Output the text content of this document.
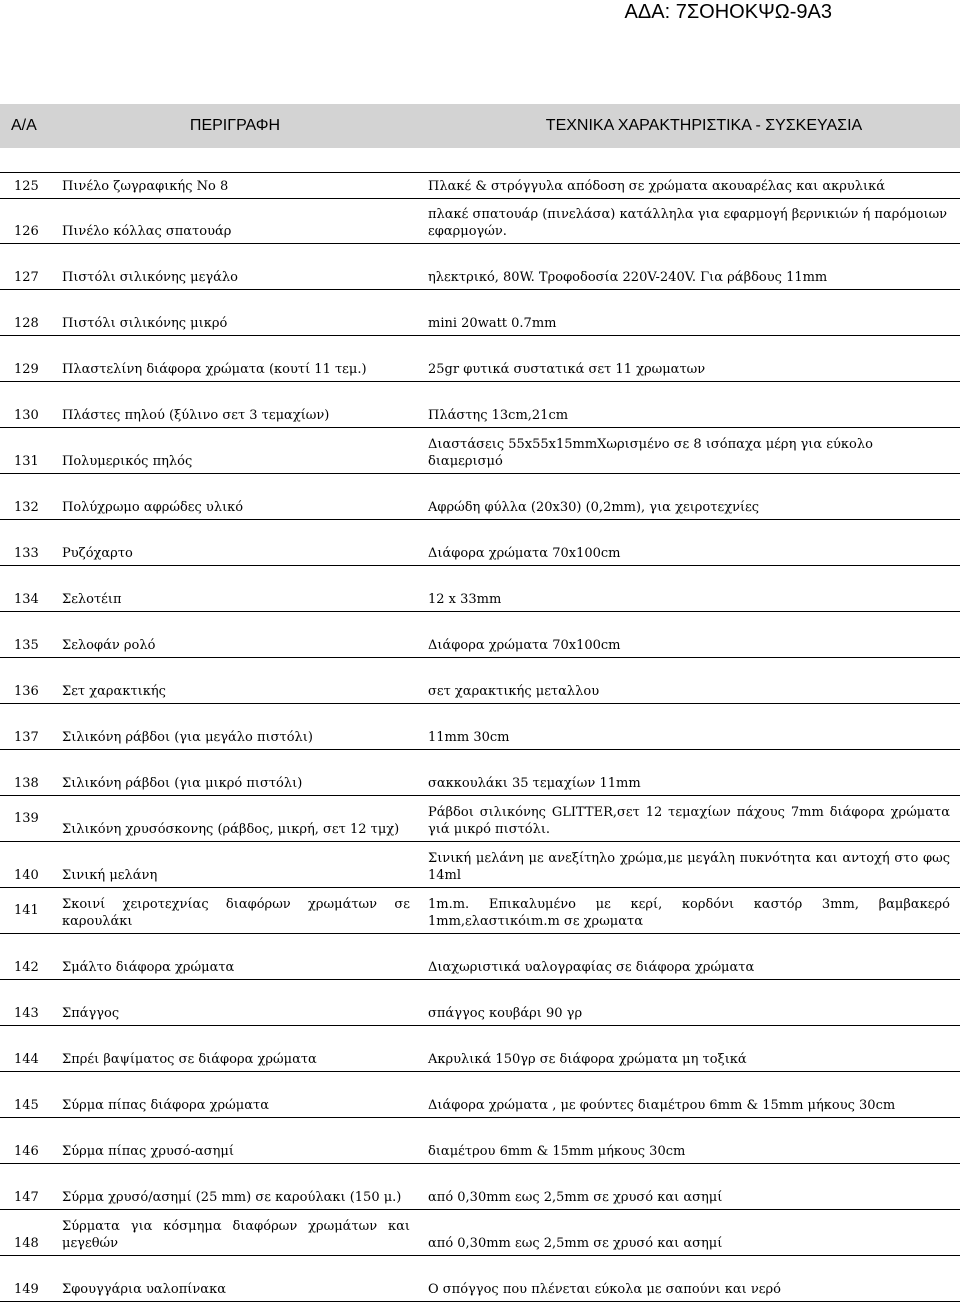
ΑΔΑ: 7ΣΟΗΟΚΨΩ-9Α3
Α/Α	ΠΕΡΙΓΡΑΦΗ	ΤΕΧΝΙΚΑ ΧΑΡΑΚΤΗΡΙΣΤΙΚΑ - ΣΥΣΚΕΥΑΣΙΑ

125	Πινέλο ζωγραφικής Νο 8	Πλακέ & στρόγγυλα απόδοση σε χρώματα ακουαρέλας και ακρυλικά
126	Πινέλο κόλλας σπατουάρ	πλακέ σπατουάρ (πινελάσα) κατάλληλα για εφαρμογή βερνικιών ή παρόμοιων εφαρμογών.
127	Πιστόλι σιλικόνης μεγάλο	ηλεκτρικό, 80W. Τροφοδοσία 220V-240V. Για ράβδους 11mm
128	Πιστόλι σιλικόνης μικρό	mini 20watt 0.7mm
129	Πλαστελίνη διάφορα χρώματα (κουτί 11 τεμ.)	25gr φυτικά συστατικά σετ 11 χρωματων
130	Πλάστες πηλού (ξύλινο σετ 3 τεμαχίων)	Πλάστης 13cm,21cm
131	Πολυμερικός πηλός	Διαστάσεις 55x55x15mmΧωρισμένο σε 8 ισόπαχα μέρη για εύκολο διαμερισμό
132	Πολύχρωμο αφρώδες υλικό	Αφρώδη φύλλα (20x30) (0,2mm), για χειροτεχνίες
133	Ρυζόχαρτο	Διάφορα χρώματα 70x100cm
134	Σελοτέιπ	12 x 33mm
135	Σελοφάν ρολό	Διάφορα χρώματα 70x100cm
136	Σετ χαρακτικής	σετ χαρακτικής μεταλλου
137	Σιλικόνη ράβδοι (για μεγάλο πιστόλι)	11mm 30cm
138	Σιλικόνη ράβδοι (για μικρό πιστόλι)	σακκουλάκι 35 τεμαχίων 11mm
139	Σιλικόνη χρυσόσκονης (ράβδος, μικρή, σετ 12 τμχ)	Ράβδοι σιλικόνης GLITTER,σετ 12 τεμαχίων πάχους 7mm διάφορα χρώματα γιά μικρό πιστόλι.
140	Σινική μελάνη	Σινική μελάνη με ανεξίτηλο χρώμα,με μεγάλη πυκνότητα και αντοχή στο φως 14ml
141	Σκοινί χειροτεχνίας διαφόρων χρωμάτων σε καρουλάκι	1m.m. Επικαλυμένο με κερί, κορδόνι καστόρ 3mm, βαμβακερό 1mm,ελαστικόιm.m σε χρωματα
142	Σμάλτο διάφορα χρώματα	Διαχωριστικά υαλογραφίας σε διάφορα χρώματα
143	Σπάγγος	σπάγγος κουβάρι 90 γρ
144	Σπρέι βαψίματος σε διάφορα χρώματα	Ακρυλικά 150γρ σε διάφορα χρώματα μη τοξικά
145	Σύρμα πίπας διάφορα χρώματα	Διάφορα χρώματα , με φούντες διαμέτρου 6mm & 15mm μήκους 30cm
146	Σύρμα πίπας χρυσό-ασημί	διαμέτρου 6mm & 15mm μήκους 30cm
147	Σύρμα χρυσό/ασημί (25 mm) σε καρούλακι (150 μ.)	από 0,30mm εως 2,5mm σε χρυσό και ασημί
148	Σύρματα για κόσμημα διαφόρων χρωμάτων και μεγεθών	από 0,30mm εως 2,5mm σε χρυσό και ασημί
149	Σφουγγάρια υαλοπίνακα	Ο σπόγγος που πλένεται εύκολα με σαπούνι και νερό
